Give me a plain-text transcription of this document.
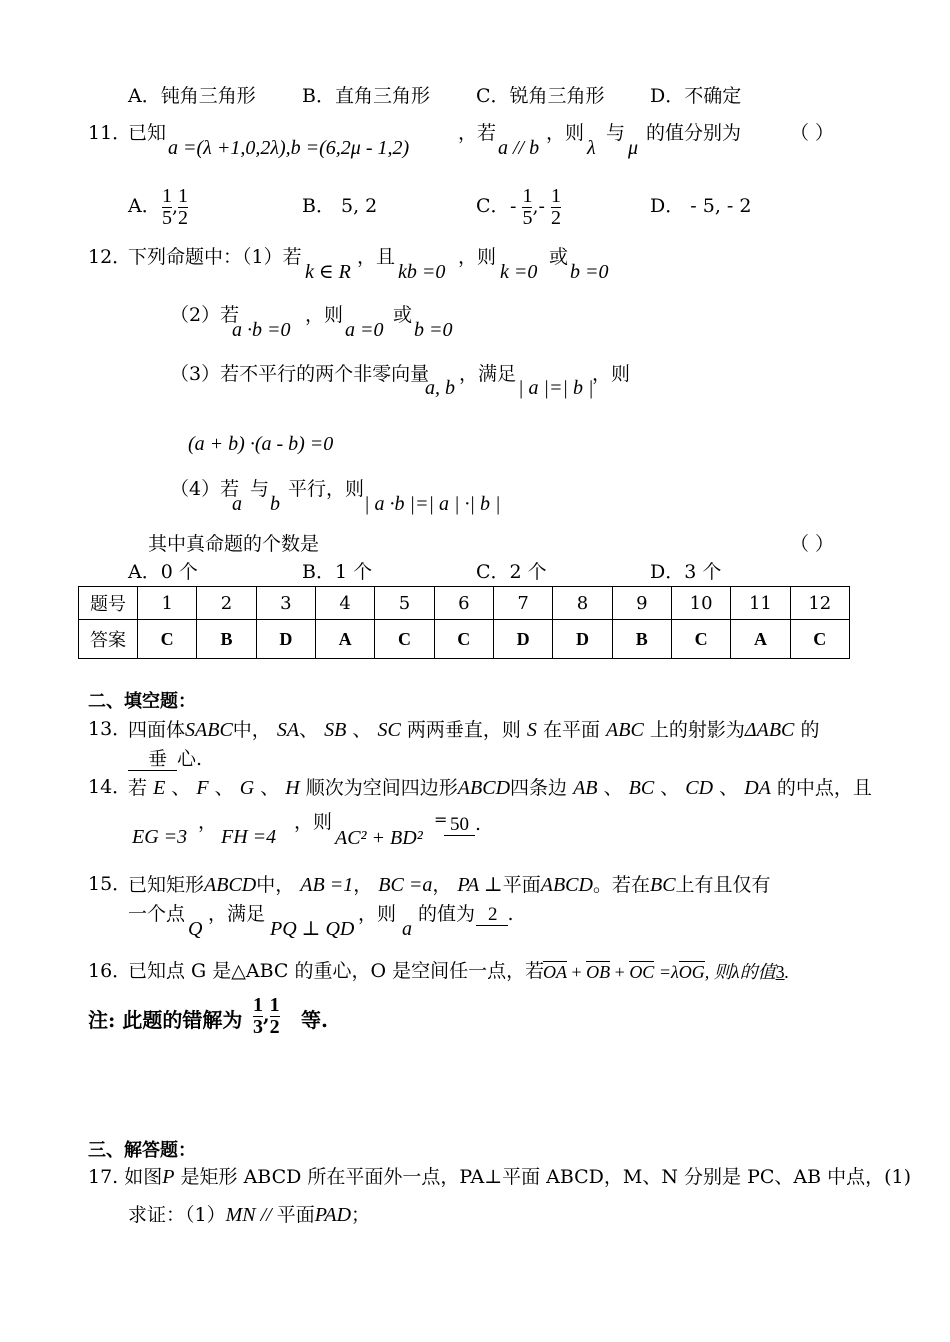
A．钝角三角形 B．直角三角形 C．锐角三角形 D．不确定
11．
已知
a =(λ +1,0,2λ),b =(6,2μ - 1,2)
，若
a // b
，则
λ
与
μ
的值分别为	（ ）
A． $\frac{1}{5}$ , $\frac{1}{2}$	B． 5, 2	C． - $\frac{1}{5}$ ,- $\frac{1}{2}$	D． - 5, - 2
12．
下列命题中：（1）若
k ∈ R
，且
kb =0
，则
k =0
或
b =0
（2）若
a ·b =0
，则
a =0
或
b =0
（3）若不平行的两个非零向量
a, b
，满足
| a |=| b |
，则
(a + b) ·(a - b) =0
（4）若
a
与
b
平行，则
| a ·b |=| a | ·| b |
其中真命题的个数是	（ ）
A．0 个	B．1 个	C．2 个	D．3 个
题号	1	2	3	4	5	6	7	8	9	10	11	12
答案	C	B	D	A	C	C	D	D	B	C	A	C
二、填空题：
13．
四面体SABC中， SA、 SB 、 SC 两两垂直，则 S 在平面 ABC 上的射影为ΔABC 的
垂 心.
14．
若 E 、 F 、 G 、 H 顺次为空间四边形ABCD四条边 AB 、 BC 、 CD 、 DA 的中点，且
EG =3
，
FH =4
，则
AC² + BD²
= 50 .
15．
已知矩形ABCD中， AB =1， BC =a， PA ⊥平面ABCD。若在BC上有且仅有
一个点
Q
，满足
PQ ⊥ QD
，则
a
的值为 2 .
16．
已知点 G 是△ABC 的重心，O 是空间任一点，若
OA + OB + OC =λOG, 则λ的值3.
注: 此题的错解为 $\frac{1}{3}$ , $\frac{1}{2}$ 等.
三、解答题：
17. 如图P 是矩形 ABCD 所在平面外一点，PA⊥平面 ABCD，M、N 分别是 PC、AB 中点，(1)
求证：（1）MN // 平面PAD；
